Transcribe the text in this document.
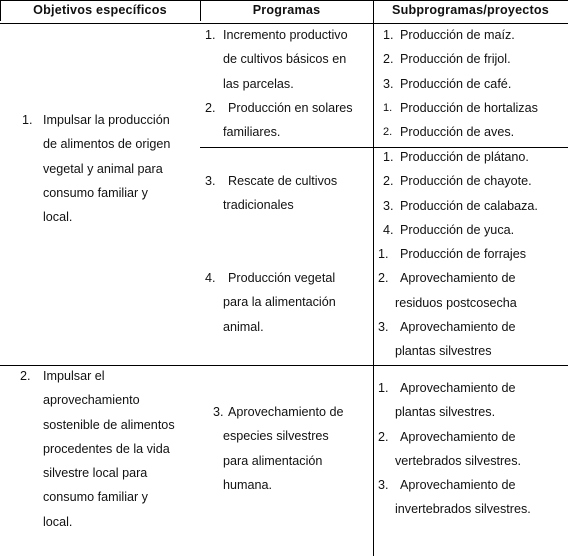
Objetivos específicos	Programas	Subprogramas/proyectos
1. Impulsar la producción
de alimentos de origen
vegetal y animal para
consumo familiar y
local.
1. Incremento productivo
de cultivos básicos en
las parcelas.
2. Producción en solares
familiares.
3. Rescate de cultivos
tradicionales
4. Producción vegetal
para la alimentación
animal.
1. Producción de maíz.
2. Producción de frijol.
3. Producción de café.
1. Producción de hortalizas
2. Producción de aves.
1. Producción de plátano.
2. Producción de chayote.
3. Producción de calabaza.
4. Producción de yuca.
1. Producción de forrajes
2. Aprovechamiento de
residuos postcosecha
3. Aprovechamiento de
plantas silvestres
2. Impulsar el
aprovechamiento
sostenible de alimentos
procedentes de la vida
silvestre local para
consumo familiar y
local.
3. Aprovechamiento de
especies silvestres
para alimentación
humana.
1. Aprovechamiento de
plantas silvestres.
2. Aprovechamiento de
vertebrados silvestres.
3. Aprovechamiento de
invertebrados silvestres.
